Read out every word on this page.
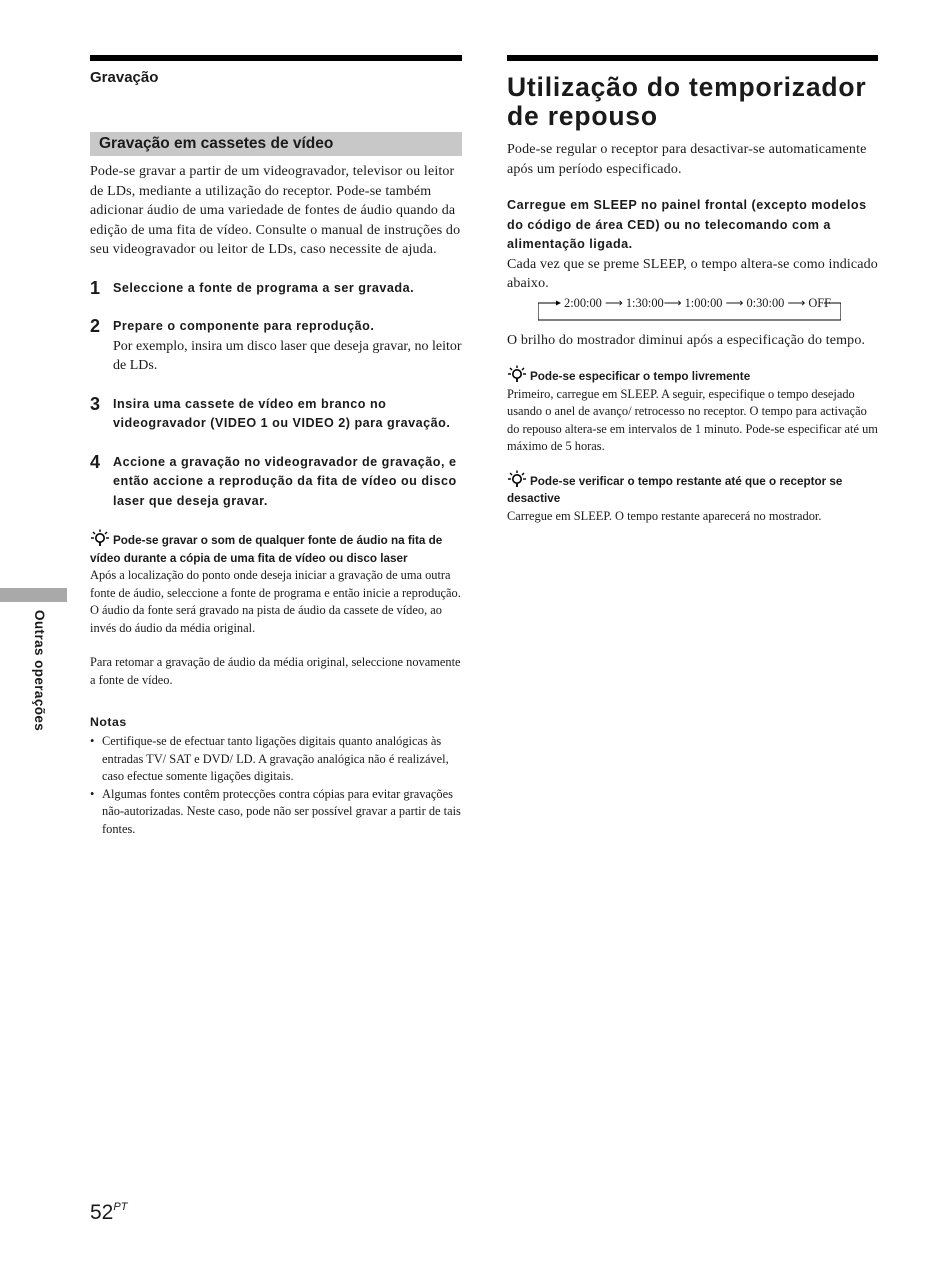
Gravação
Gravação em cassetes de vídeo

Pode-se gravar a partir de um videogravador, televisor ou leitor de LDs, mediante a utilização do receptor. Pode-se também adicionar áudio de uma variedade de fontes de áudio quando da edição de uma fita de vídeo. Consulte o manual de instruções do seu videogravador ou leitor de LDs, caso necessite de ajuda.

1	Seleccione a fonte de programa a ser gravada.
2	Prepare o componente para reprodução.
Por exemplo, insira um disco laser que deseja gravar, no leitor de LDs.
3	Insira uma cassete de vídeo em branco no videogravador (VIDEO 1 ou VIDEO 2) para gravação.
4	Accione a gravação no videogravador de gravação, e então accione a reprodução da fita de vídeo ou disco laser que deseja gravar.
Pode-se gravar o som de qualquer fonte de áudio na fita de vídeo durante a cópia de uma fita de vídeo ou disco laser

Após a localização do ponto onde deseja iniciar a gravação de uma outra fonte de áudio, seleccione a fonte de programa e então inicie a reprodução. O áudio da fonte será gravado na pista de áudio da cassete de vídeo, ao invés do áudio da média original.

Para retomar a gravação de áudio da média original, seleccione novamente a fonte de vídeo.

Notas
• Certifique-se de efectuar tanto ligações digitais quanto analógicas às entradas TV/ SAT e DVD/ LD. A gravação analógica não é realizável, caso efectue somente ligações digitais.
• Algumas fontes contêm protecções contra cópias para evitar gravações não-autorizadas. Neste caso, pode não ser possível gravar a partir de tais fontes.
Utilização do temporizador de repouso

Pode-se regular o receptor para desactivar-se automaticamente após um período especificado.

Carregue em SLEEP no painel frontal (excepto modelos do código de área CED) ou no telecomando com a alimentação ligada.

Cada vez que se preme SLEEP, o tempo altera-se como indicado abaixo.

2:00:00 ⟶ 1:30:00⟶ 1:00:00 ⟶ 0:30:00 ⟶ OFF

O brilho do mostrador diminui após a especificação do tempo.

Pode-se especificar o tempo livremente
Primeiro, carregue em SLEEP. A seguir, especifique o tempo desejado usando o anel de avanço/ retrocesso no receptor. O tempo para activação do repouso altera-se em intervalos de 1 minuto. Pode-se especificar até um máximo de 5 horas.
Pode-se verificar o tempo restante até que o receptor se desactive
Carregue em SLEEP. O tempo restante aparecerá no mostrador.
Outras operações
$52^{PT}$
